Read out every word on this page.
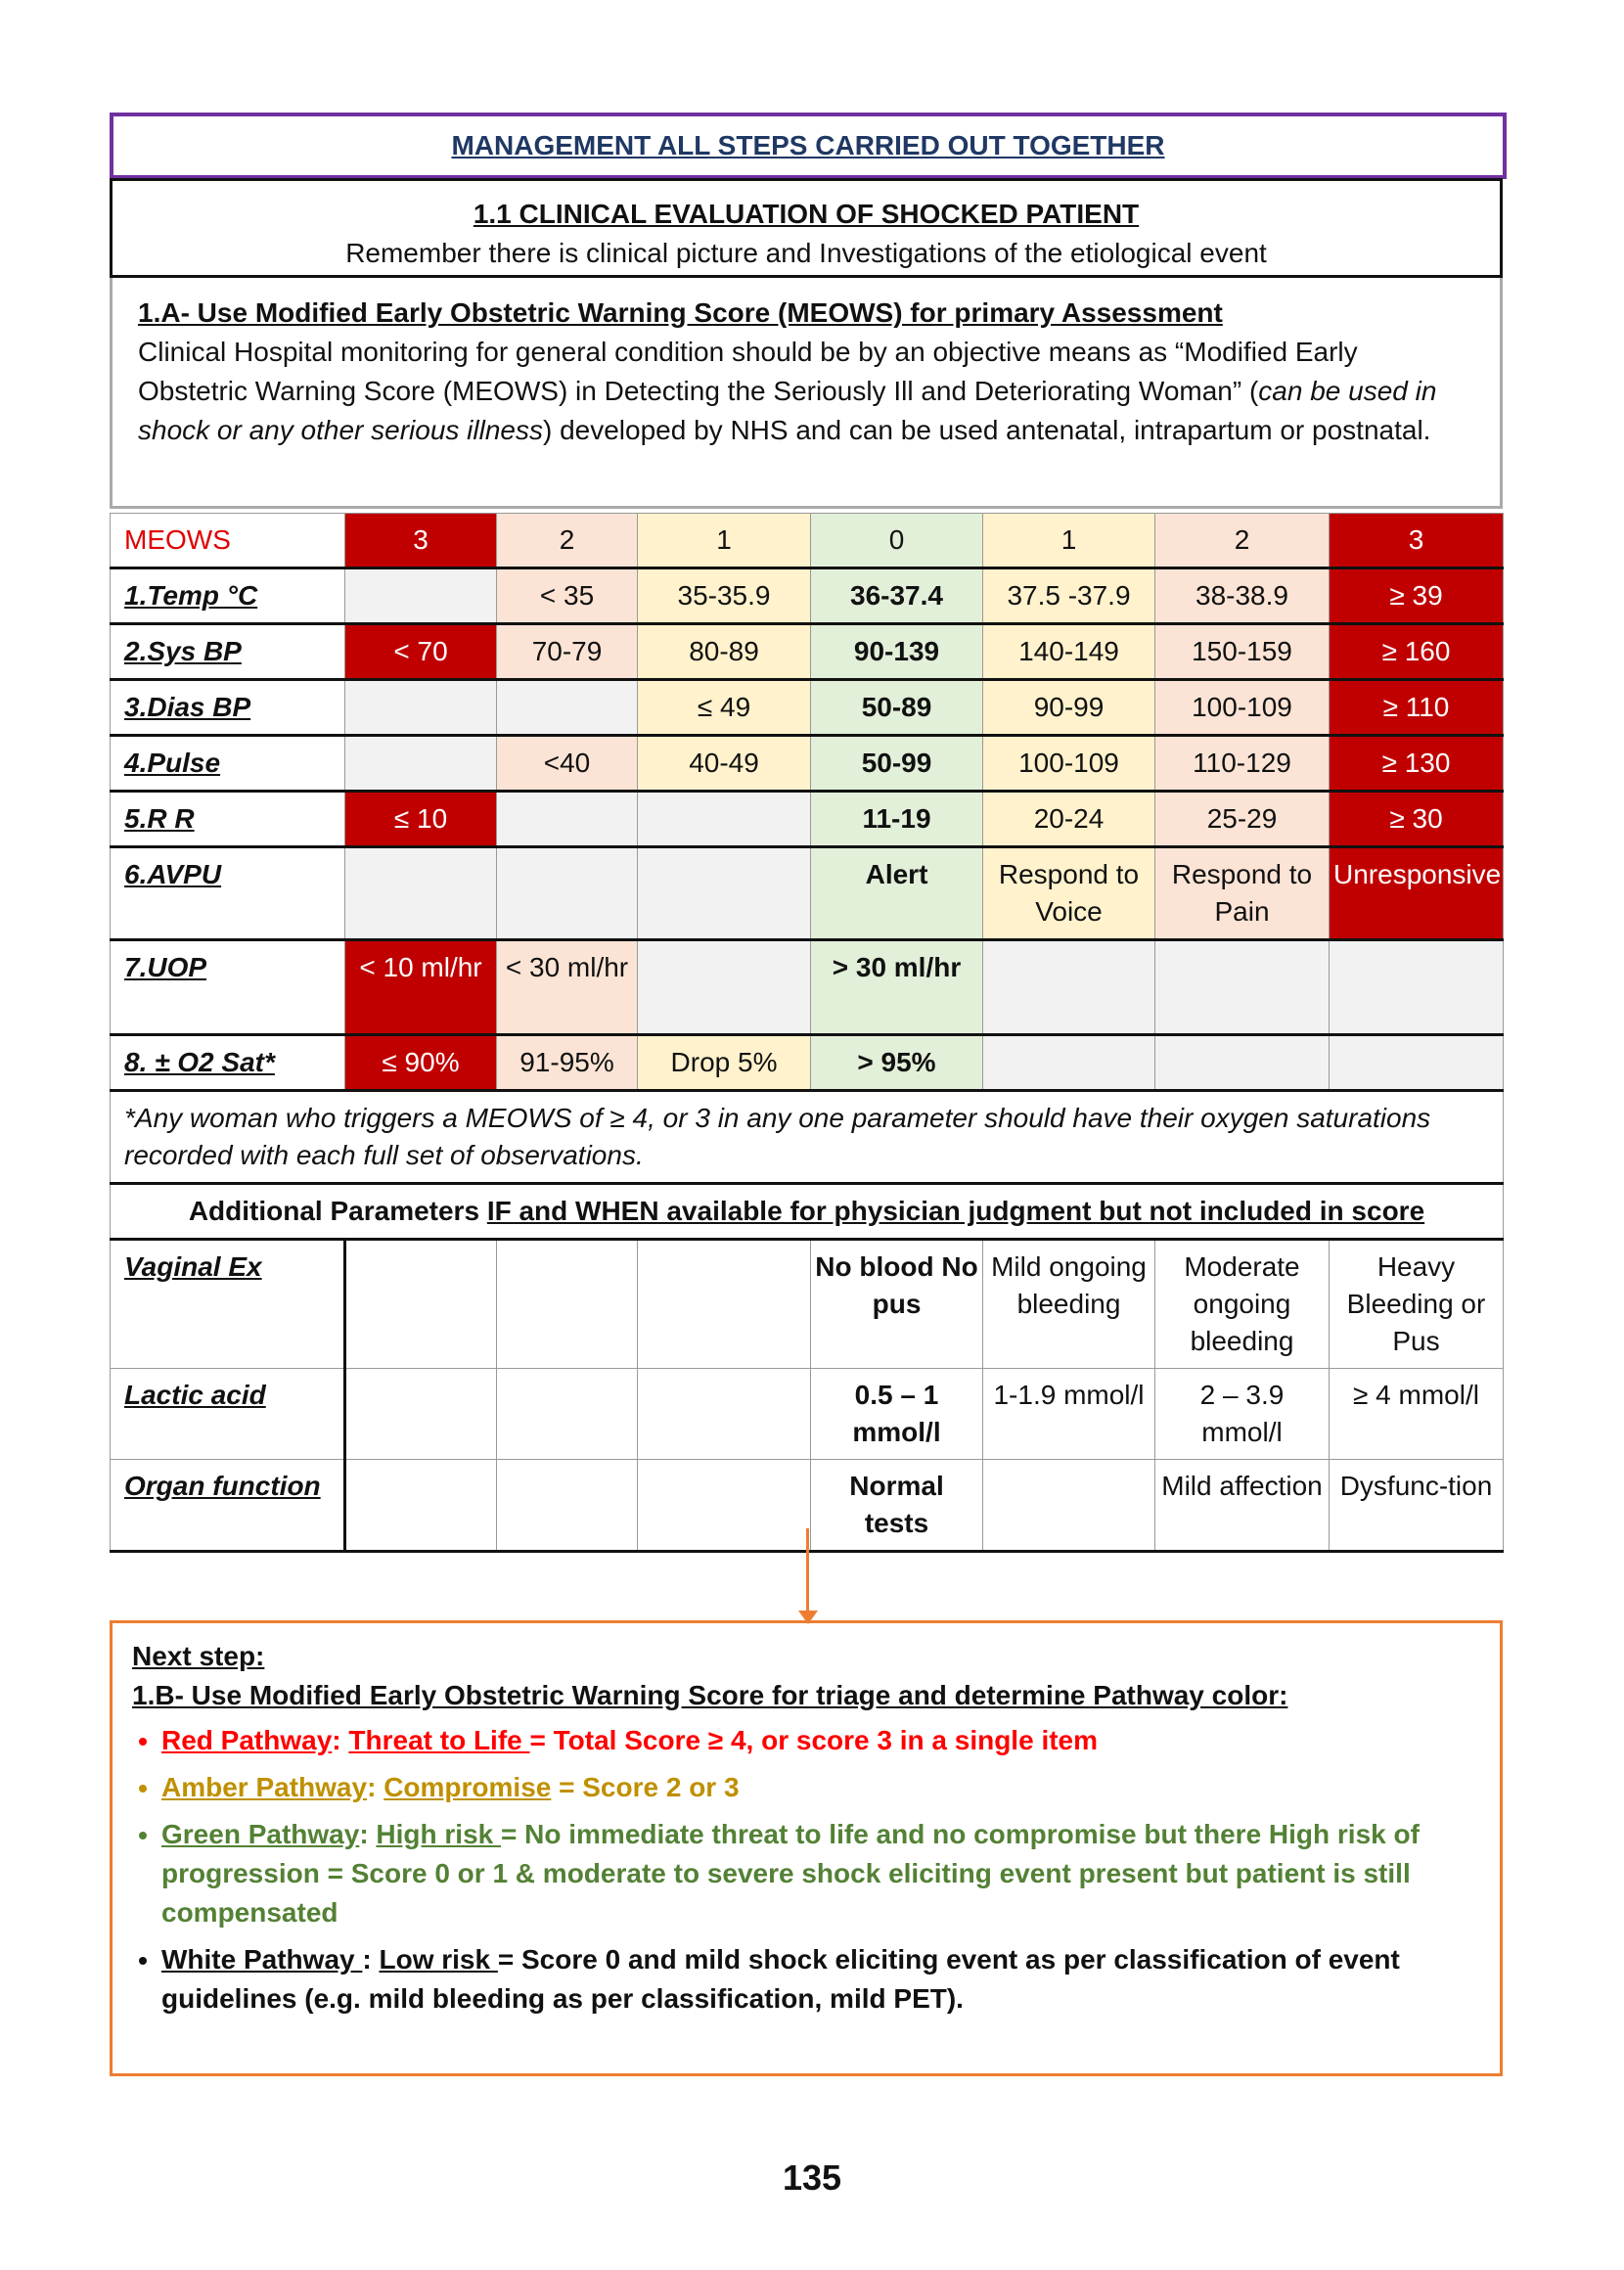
MANAGEMENT ALL STEPS CARRIED OUT TOGETHER
1.1 CLINICAL EVALUATION OF SHOCKED PATIENT
Remember there is clinical picture and Investigations of the etiological event
1.A- Use Modified Early Obstetric Warning Score (MEOWS) for primary Assessment
Clinical Hospital monitoring for general condition should be by an objective means as “Modified Early Obstetric Warning Score (MEOWS) in Detecting the Seriously Ill and Deteriorating Woman” (can be used in shock or any other serious illness) developed by NHS and can be used antenatal, intrapartum or postnatal.
MEOWS	3	2	1	0	1	2	3
1.Temp °C		< 35	35-35.9	36-37.4	37.5 -37.9	38-38.9	≥ 39
2.Sys BP	< 70	70-79	80-89	90-139	140-149	150-159	≥ 160
3.Dias BP			≤ 49	50-89	90-99	100-109	≥ 110
4.Pulse		<40	40-49	50-99	100-109	110-129	≥ 130
5.R R	≤ 10			11-19	20-24	25-29	≥ 30
6.AVPU				Alert	Respond to Voice	Respond to Pain	Unresponsive
7.UOP	< 10 ml/hr	< 30 ml/hr		> 30 ml/hr			
8. ± O2 Sat*	≤ 90%	91-95%	Drop 5%	> 95%			
*Any woman who triggers a MEOWS of ≥ 4, or 3 in any one parameter should have their oxygen saturations recorded with each full set of observations.							
Additional Parameters IF and WHEN available for physician judgment but not included in score							
Vaginal Ex				No blood No pus	Mild ongoing bleeding	Moderate ongoing bleeding	Heavy Bleeding or Pus
Lactic acid				0.5 – 1 mmol/l	1-1.9 mmol/l	2 – 3.9 mmol/l	≥ 4 mmol/l
Organ function				Normal tests		Mild affection	Dysfunc-tion
Next step:
1.B- Use Modified Early Obstetric Warning Score for triage and determine Pathway color:
• Red Pathway: Threat to Life = Total Score ≥ 4, or score 3 in a single item
• Amber Pathway: Compromise = Score 2 or 3
• Green Pathway: High risk = No immediate threat to life and no compromise but there High risk of progression = Score 0 or 1 & moderate to severe shock eliciting event present but patient is still compensated
• White Pathway : Low risk = Score 0 and mild shock eliciting event as per classification of event guidelines (e.g. mild bleeding as per classification, mild PET).
135
